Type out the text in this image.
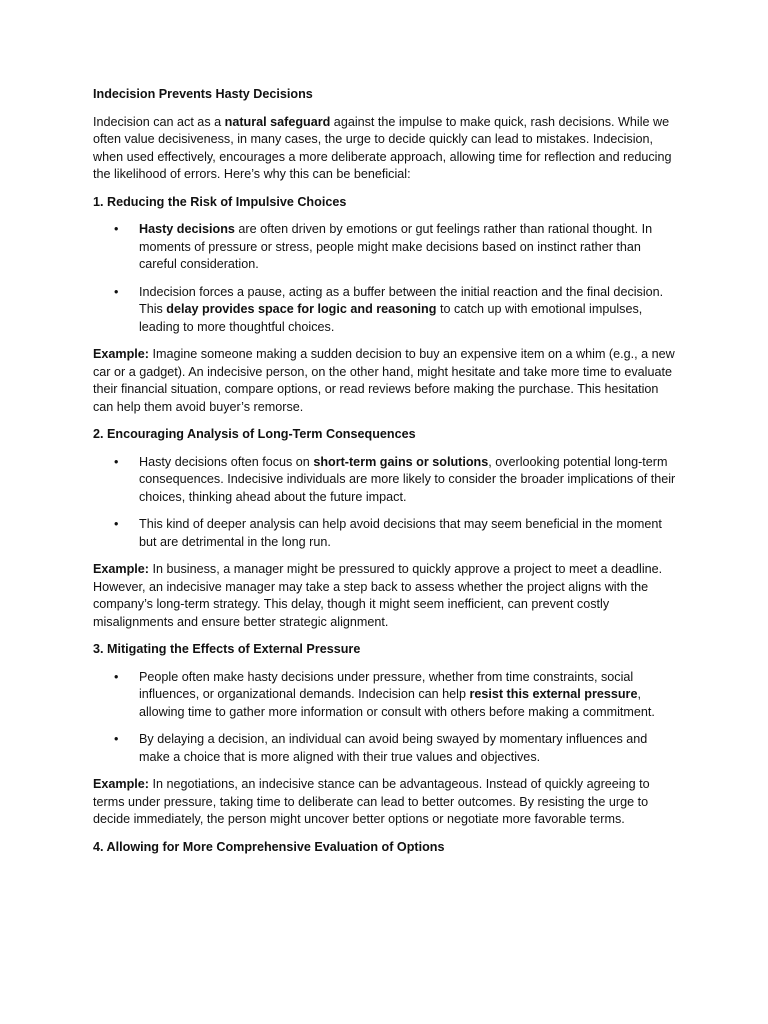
Indecision Prevents Hasty Decisions

Indecision can act as a natural safeguard against the impulse to make quick, rash decisions. While we often value decisiveness, in many cases, the urge to decide quickly can lead to mistakes. Indecision, when used effectively, encourages a more deliberate approach, allowing time for reflection and reducing the likelihood of errors. Here’s why this can be beneficial:

1. Reducing the Risk of Impulsive Choices

• Hasty decisions are often driven by emotions or gut feelings rather than rational thought. In moments of pressure or stress, people might make decisions based on instinct rather than careful consideration.
• Indecision forces a pause, acting as a buffer between the initial reaction and the final decision. This delay provides space for logic and reasoning to catch up with emotional impulses, leading to more thoughtful choices.

Example: Imagine someone making a sudden decision to buy an expensive item on a whim (e.g., a new car or a gadget). An indecisive person, on the other hand, might hesitate and take more time to evaluate their financial situation, compare options, or read reviews before making the purchase. This hesitation can help them avoid buyer’s remorse.

2. Encouraging Analysis of Long-Term Consequences

• Hasty decisions often focus on short-term gains or solutions, overlooking potential long-term consequences. Indecisive individuals are more likely to consider the broader implications of their choices, thinking ahead about the future impact.
• This kind of deeper analysis can help avoid decisions that may seem beneficial in the moment but are detrimental in the long run.

Example: In business, a manager might be pressured to quickly approve a project to meet a deadline. However, an indecisive manager may take a step back to assess whether the project aligns with the company’s long-term strategy. This delay, though it might seem inefficient, can prevent costly misalignments and ensure better strategic alignment.

3. Mitigating the Effects of External Pressure

• People often make hasty decisions under pressure, whether from time constraints, social influences, or organizational demands. Indecision can help resist this external pressure, allowing time to gather more information or consult with others before making a commitment.
• By delaying a decision, an individual can avoid being swayed by momentary influences and make a choice that is more aligned with their true values and objectives.

Example: In negotiations, an indecisive stance can be advantageous. Instead of quickly agreeing to terms under pressure, taking time to deliberate can lead to better outcomes. By resisting the urge to decide immediately, the person might uncover better options or negotiate more favorable terms.

4. Allowing for More Comprehensive Evaluation of Options
